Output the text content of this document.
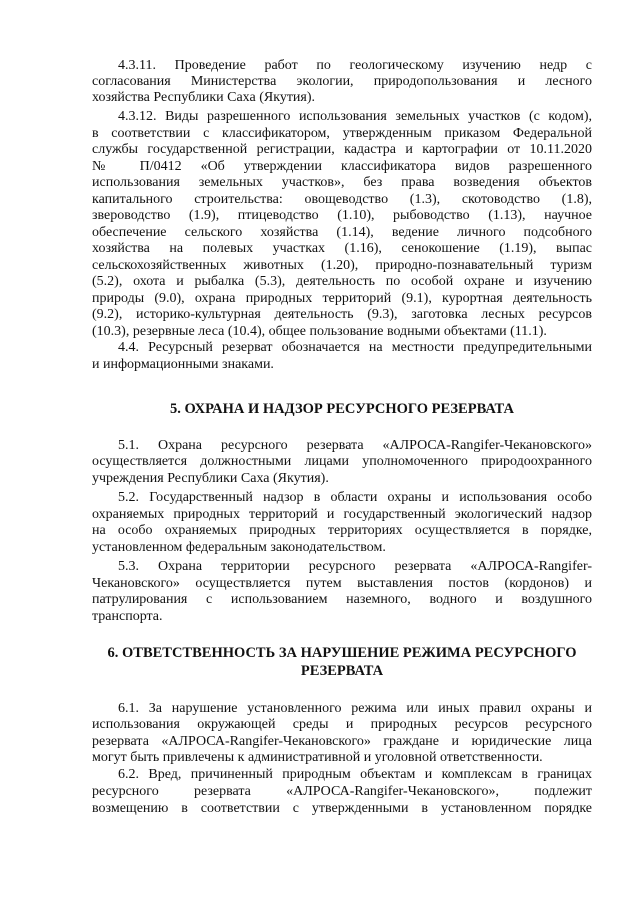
4.3.11. Проведение работ по геологическому изучению недр с
согласования Министерства экологии, природопользования и лесного
хозяйства Республики Саха (Якутия).
4.3.12. Виды разрешенного использования земельных участков (с кодом),
в соответствии с классификатором, утвержденным приказом Федеральной
службы государственной регистрации, кадастра и картографии от 10.11.2020
№ П/0412 «Об утверждении классификатора видов разрешенного
использования земельных участков», без права возведения объектов
капитального строительства: овощеводство (1.3), скотоводство (1.8),
звероводство (1.9), птицеводство (1.10), рыбоводство (1.13), научное
обеспечение сельского хозяйства (1.14), ведение личного подсобного
хозяйства на полевых участках (1.16), сенокошение (1.19), выпас
сельскохозяйственных животных (1.20), природно-познавательный туризм
(5.2), охота и рыбалка (5.3), деятельность по особой охране и изучению
природы (9.0), охрана природных территорий (9.1), курортная деятельность
(9.2), историко-культурная деятельность (9.3), заготовка лесных ресурсов
(10.3), резервные леса (10.4), общее пользование водными объектами (11.1).
4.4. Ресурсный резерват обозначается на местности предупредительными
и информационными знаками.
5. ОХРАНА И НАДЗОР РЕСУРСНОГО РЕЗЕРВАТА
5.1. Охрана ресурсного резервата «АЛРОСА-Rangifer-Чекановского»
осуществляется должностными лицами уполномоченного природоохранного
учреждения Республики Саха (Якутия).
5.2. Государственный надзор в области охраны и использования особо
охраняемых природных территорий и государственный экологический надзор
на особо охраняемых природных территориях осуществляется в порядке,
установленном федеральным законодательством.
5.3. Охрана территории ресурсного резервата «АЛРОСА-Rangifer-
Чекановского» осуществляется путем выставления постов (кордонов) и
патрулирования с использованием наземного, водного и воздушного
транспорта.
6. ОТВЕТСТВЕННОСТЬ ЗА НАРУШЕНИЕ РЕЖИМА РЕСУРСНОГО
РЕЗЕРВАТА
6.1. За нарушение установленного режима или иных правил охраны и
использования окружающей среды и природных ресурсов ресурсного
резервата «АЛРОСА-Rangifer-Чекановского» граждане и юридические лица
могут быть привлечены к административной и уголовной ответственности.
6.2. Вред, причиненный природным объектам и комплексам в границах
ресурсного резервата «АЛРОСА-Rangifer-Чекановского», подлежит
возмещению в соответствии с утвержденными в установленном порядке
